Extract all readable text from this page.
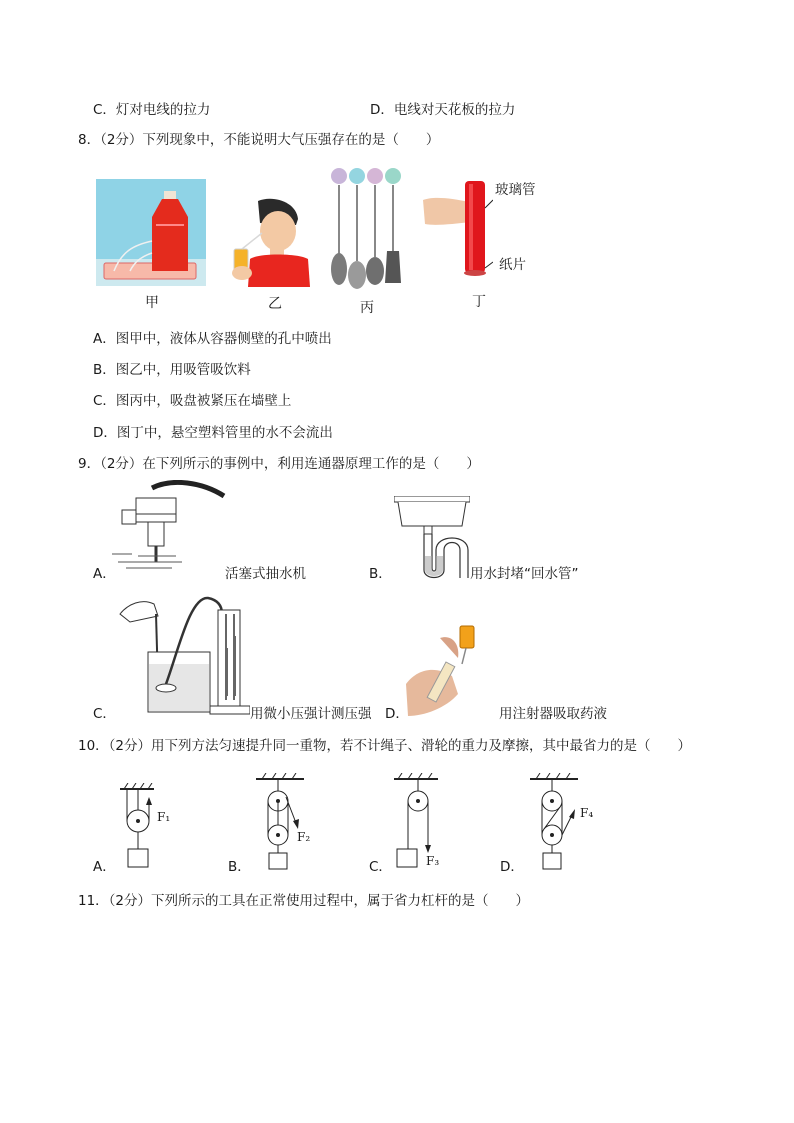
C．灯对电线的拉力	D．电线对天花板的拉力
8．（2分）下列现象中，不能说明大气压强存在的是（　　）
甲	乙	丙
玻璃管
纸片
丁
A．图甲中，液体从容器侧壁的孔中喷出
B．图乙中，用吸管吸饮料
C．图丙中，吸盘被紧压在墙壁上
D．图丁中，悬空塑料管里的水不会流出
9．（2分）在下列所示的事例中，利用连通器原理工作的是（　　）
A．	活塞式抽水机	B．	用水封堵“回水管”
C．	用微小压强计测压强 D．	用注射器吸取药液
10．（2分）用下列方法匀速提升同一重物，若不计绳子、滑轮的重力及摩擦，其中最省力的是（　　）
F₁
A．
F₂
B．	F₃
C．
F₄
D．
11．（2分）下列所示的工具在正常使用过程中，属于省力杠杆的是（　　）
